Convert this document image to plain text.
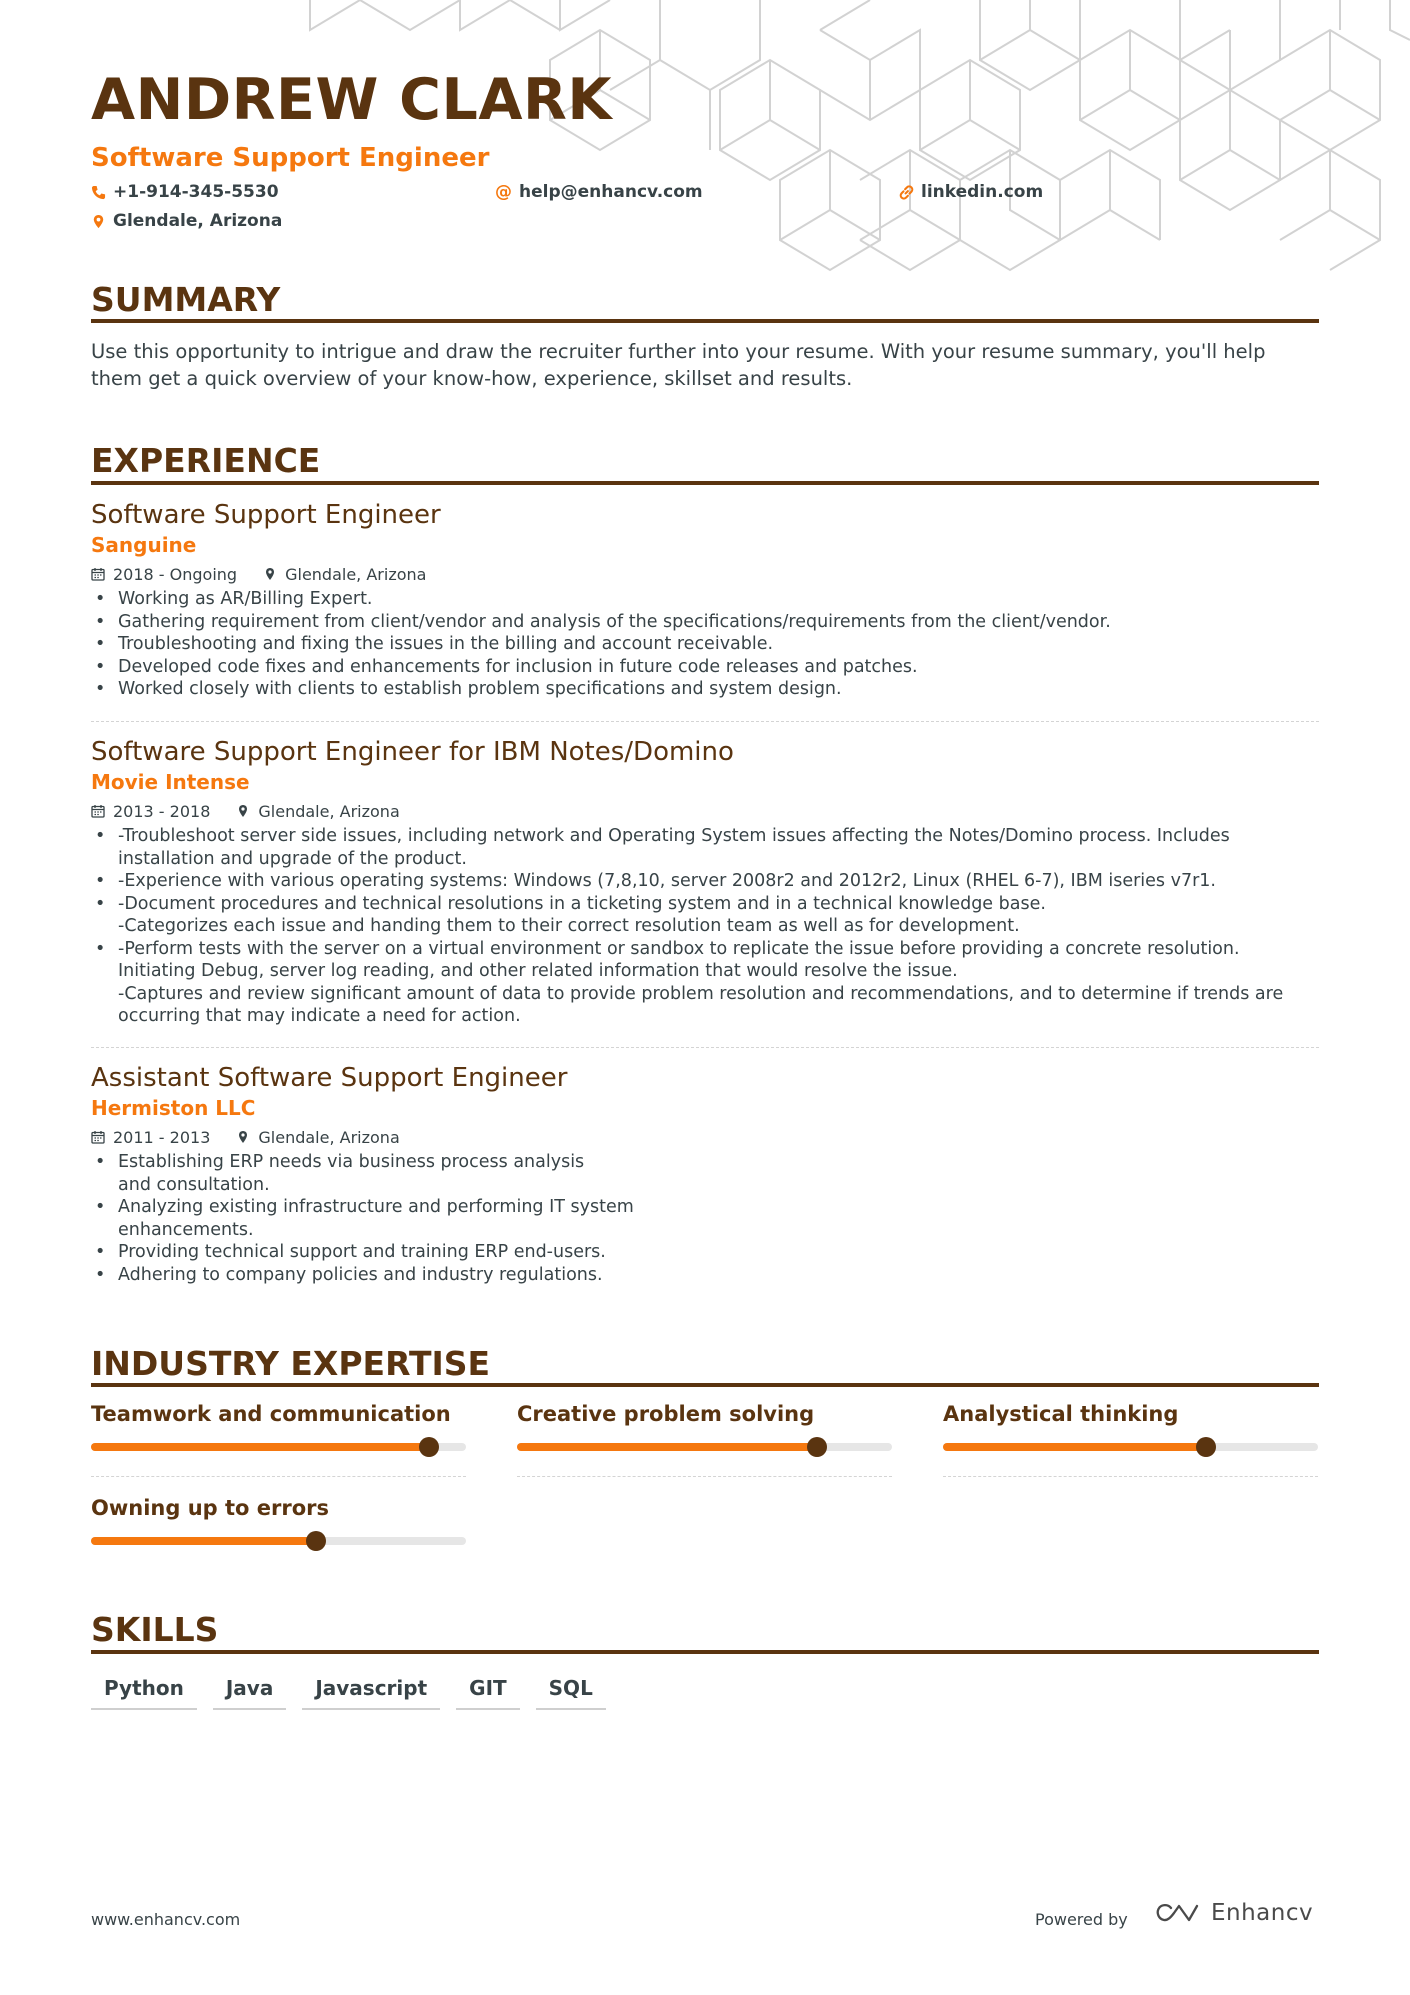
ANDREW CLARK
Software Support Engineer
+1-914-345-5530	@ help@enhancv.com	linkedin.com
Glendale, Arizona
SUMMARY

Use this opportunity to intrigue and draw the recruiter further into your resume. With your resume summary, you'll help them get a quick overview of your know-how, experience, skillset and results.

EXPERIENCE
Software Support Engineer
Sanguine
2018 - Ongoing	Glendale, Arizona
• Working as AR/Billing Expert.
• Gathering requirement from client/vendor and analysis of the specifications/requirements from the client/vendor.
• Troubleshooting and fixing the issues in the billing and account receivable.
• Developed code fixes and enhancements for inclusion in future code releases and patches.
• Worked closely with clients to establish problem specifications and system design.
Software Support Engineer for IBM Notes/Domino
Movie Intense
2013 - 2018	Glendale, Arizona
• -Troubleshoot server side issues, including network and Operating System issues affecting the Notes/Domino process. Includes installation and upgrade of the product.
• -Experience with various operating systems: Windows (7,8,10, server 2008r2 and 2012r2, Linux (RHEL 6-7), IBM iseries v7r1.
• -Document procedures and technical resolutions in a ticketing system and in a technical knowledge base.
-Categorizes each issue and handing them to their correct resolution team as well as for development.
• -Perform tests with the server on a virtual environment or sandbox to replicate the issue before providing a concrete resolution. Initiating Debug, server log reading, and other related information that would resolve the issue.
-Captures and review significant amount of data to provide problem resolution and recommendations, and to determine if trends are occurring that may indicate a need for action.
Assistant Software Support Engineer
Hermiston LLC
2011 - 2013	Glendale, Arizona
• Establishing ERP needs via business process analysis
and consultation.
• Analyzing existing infrastructure and performing IT system
enhancements.
• Providing technical support and training ERP end-users.
• Adhering to company policies and industry regulations.
INDUSTRY EXPERTISE
Teamwork and communication	Creative problem solving	Analystical thinking
Owning up to errors
SKILLS
Python	Java	Javascript	GIT	SQL
www.enhancv.com	Powered by	Enhancv
